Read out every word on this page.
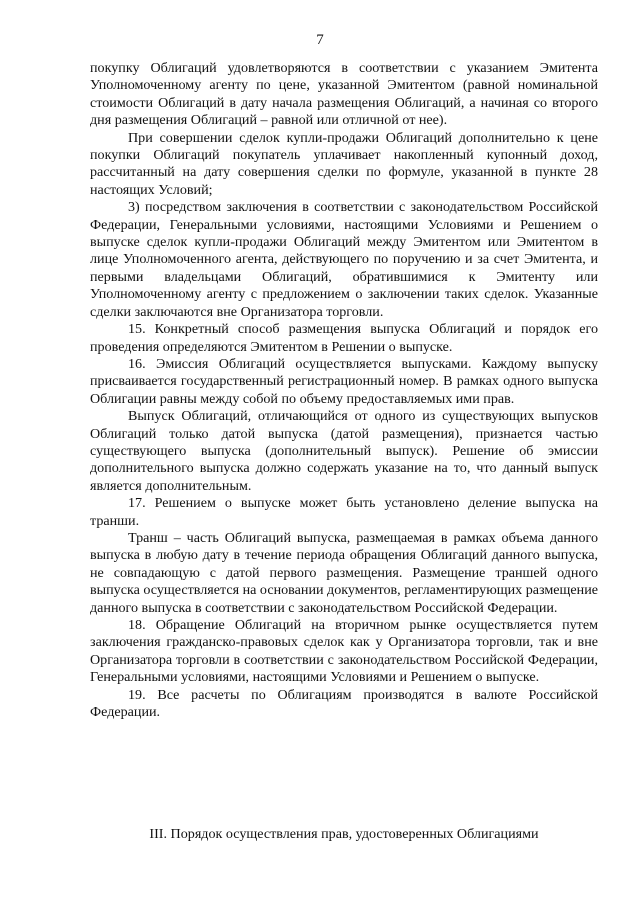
7

покупку Облигаций удовлетворяются в соответствии с указанием Эмитента Уполномоченному агенту по цене, указанной Эмитентом (равной номинальной стоимости Облигаций в дату начала размещения Облигаций, а начиная со второго дня размещения Облигаций – равной или отличной от нее).

При совершении сделок купли-продажи Облигаций дополнительно к цене покупки Облигаций покупатель уплачивает накопленный купонный доход, рассчитанный на дату совершения сделки по формуле, указанной в пункте 28 настоящих Условий;

3) посредством заключения в соответствии с законодательством Российской Федерации, Генеральными условиями, настоящими Условиями и Решением о выпуске сделок купли-продажи Облигаций между Эмитентом или Эмитентом в лице Уполномоченного агента, действующего по поручению и за счет Эмитента, и первыми владельцами Облигаций, обратившимися к Эмитенту или Уполномоченному агенту с предложением о заключении таких сделок. Указанные сделки заключаются вне Организатора торговли.

15. Конкретный способ размещения выпуска Облигаций и порядок его проведения определяются Эмитентом в Решении о выпуске.

16. Эмиссия Облигаций осуществляется выпусками. Каждому выпуску присваивается государственный регистрационный номер. В рамках одного выпуска Облигации равны между собой по объему предоставляемых ими прав.

Выпуск Облигаций, отличающийся от одного из существующих выпусков Облигаций только датой выпуска (датой размещения), признается частью существующего выпуска (дополнительный выпуск). Решение об эмиссии дополнительного выпуска должно содержать указание на то, что данный выпуск является дополнительным.

17. Решением о выпуске может быть установлено деление выпуска на транши.

Транш – часть Облигаций выпуска, размещаемая в рамках объема данного выпуска в любую дату в течение периода обращения Облигаций данного выпуска, не совпадающую с датой первого размещения. Размещение траншей одного выпуска осуществляется на основании документов, регламентирующих размещение данного выпуска в соответствии с законодательством Российской Федерации.

18. Обращение Облигаций на вторичном рынке осуществляется путем заключения гражданско-правовых сделок как у Организатора торговли, так и вне Организатора торговли в соответствии с законодательством Российской Федерации, Генеральными условиями, настоящими Условиями и Решением о выпуске.

19. Все расчеты по Облигациям производятся в валюте Российской Федерации.

III. Порядок осуществления прав, удостоверенных Облигациями
